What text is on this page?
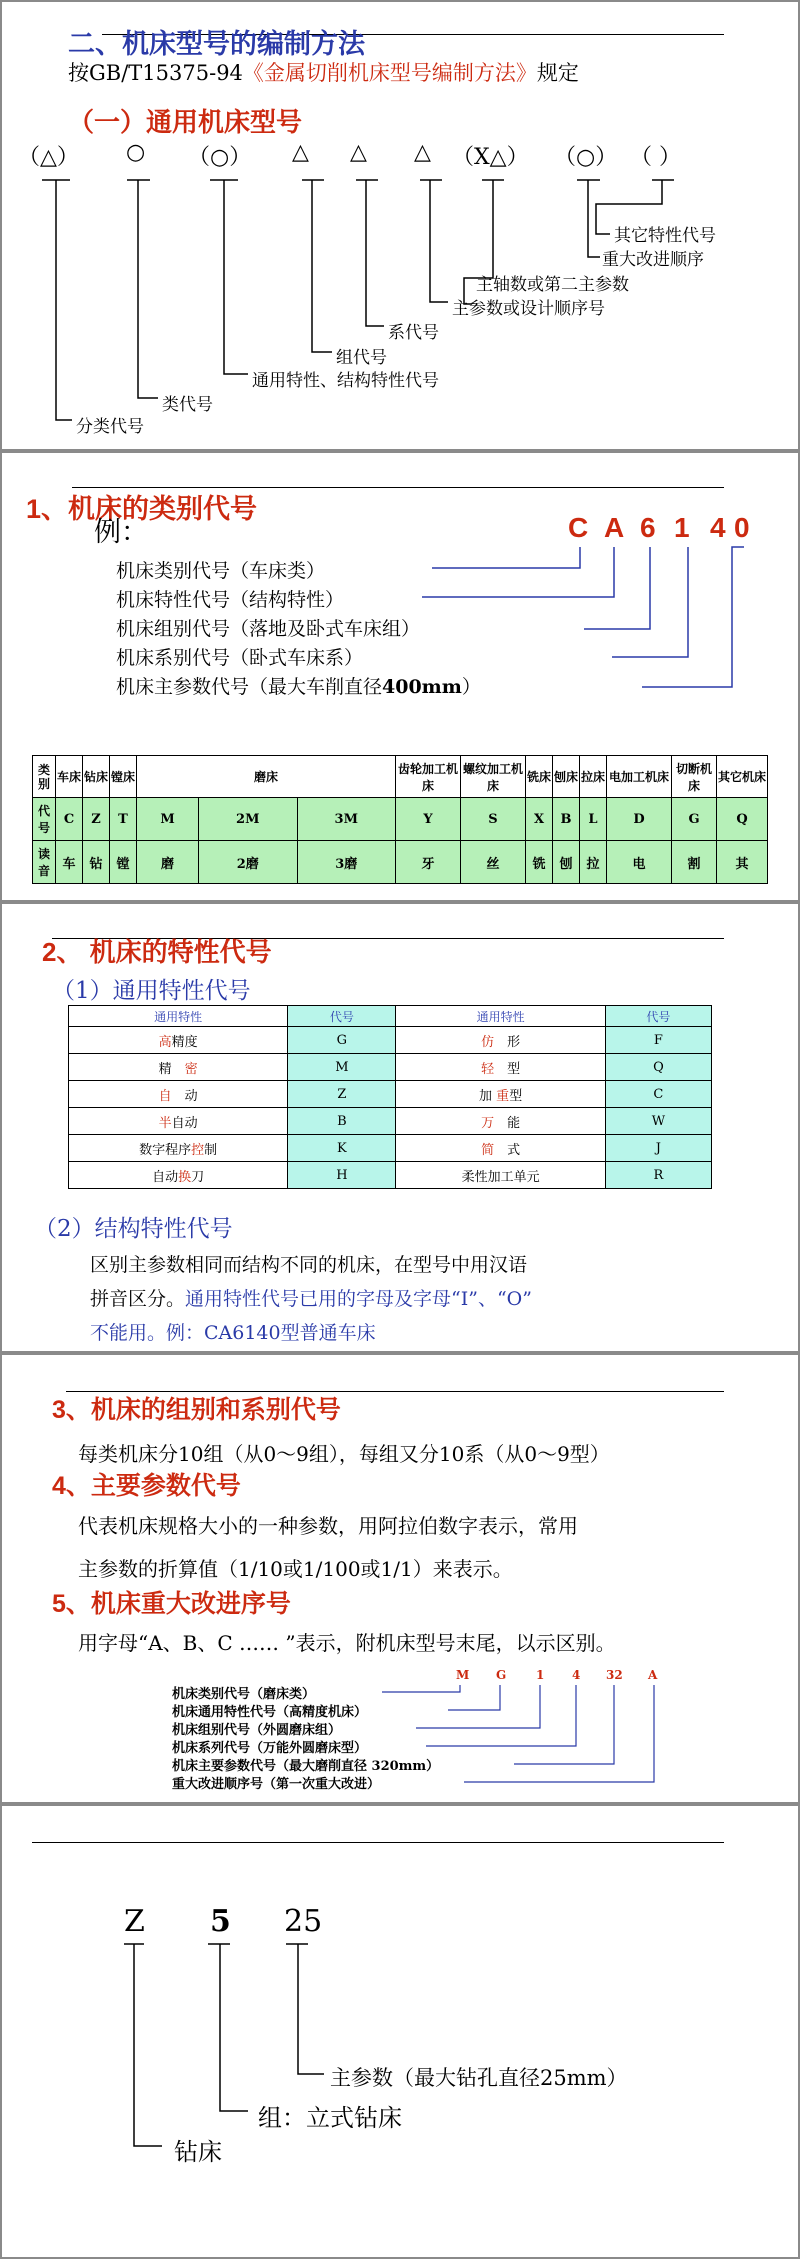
二、机床型号的编制方法
按GB/T15375-94《金属切削机床型号编制方法》规定
（一）通用机床型号
（△） ○ （○） △ △ △ （X△） （○） （ ）
其它特性代号
重大改进顺序
主轴数或第二主参数
主参数或设计顺序号
系代号
组代号
通用特性、结构特性代号
类代号
分类代号
1、机床的类别代号
例：	C A 6 1 4 0
机床类别代号（车床类）
机床特性代号（结构特性）
机床组别代号（落地及卧式车床组）
机床系别代号（卧式车床系）
机床主参数代号（最大车削直径400mm）
类别	车床	钻床	镗床	磨床			齿轮加工机床	螺纹加工机床	铣床	刨床	拉床	电加工机床	切断机床	其它机床
代号	C	Z	T	M	2M	3M	Y	S	X	B	L	D	G	Q
读音	车	钻	镗	磨	2磨	3磨	牙	丝	铣	刨	拉	电	割	其
2、 机床的特性代号
（1）通用特性代号
通用特性	代号	通用特性	代号
高精度	G	仿　形	F
精　密	M	轻　型	Q
自　动	Z	加 重型	C
半自动	B	万　能	W
数字程序控制	K	简　式	J
自动换刀	H	柔性加工单元	R
（2）结构特性代号
区别主参数相同而结构不同的机床，在型号中用汉语
拼音区分。通用特性代号已用的字母及字母“I”、“O”
不能用。例：CA6140型普通车床
3、机床的组别和系别代号
每类机床分10组（从0～9组），每组又分10系（从0～9型）
4、主要参数代号
代表机床规格大小的一种参数，用阿拉伯数字表示，常用
主参数的折算值（1/10或1/100或1/1）来表示。
5、机床重大改进序号
用字母“A、B、C …… ”表示，附机床型号末尾，以示区别。
M G 1 4 32 A
机床类别代号（磨床类）
机床通用特性代号（高精度机床）
机床组别代号（外圆磨床组）
机床系列代号（万能外圆磨床型）
机床主要参数代号（最大磨削直径 320mm）
重大改进顺序号（第一次重大改进）
Z 5 25
主参数（最大钻孔直径25mm）
组：立式钻床
钻床
